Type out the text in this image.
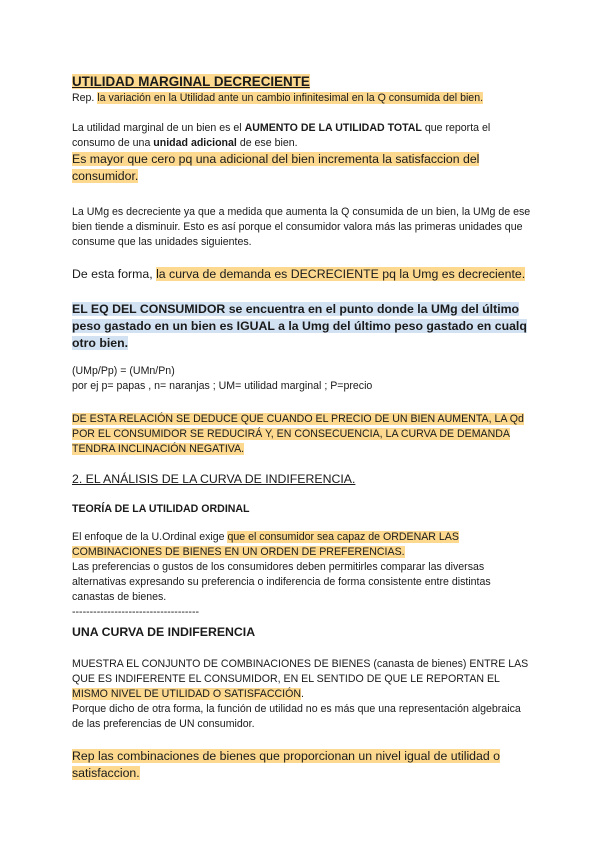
UTILIDAD MARGINAL DECRECIENTE

Rep. la variación en la Utilidad ante un cambio infinitesimal en la Q consumida del bien.

La utilidad marginal de un bien es el AUMENTO DE LA UTILIDAD TOTAL que reporta el consumo de una unidad adicional de ese bien.

Es mayor que cero pq una adicional del bien incrementa la satisfaccion del consumidor.

La UMg es decreciente ya que a medida que aumenta la Q consumida de un bien, la UMg de ese bien tiende a disminuir. Esto es así porque el consumidor valora más las primeras unidades que consume que las unidades siguientes.

De esta forma, la curva de demanda es DECRECIENTE pq la Umg es decreciente.

EL EQ DEL CONSUMIDOR se encuentra en el punto donde la UMg del último peso gastado en un bien es IGUAL a la Umg del último peso gastado en cualq otro bien.

(UMp/Pp) = (UMn/Pn)

por ej p= papas , n= naranjas ; UM= utilidad marginal ; P=precio

DE ESTA RELACIÓN SE DEDUCE QUE CUANDO EL PRECIO DE UN BIEN AUMENTA, LA Qd POR EL CONSUMIDOR SE REDUCIRÁ Y, EN CONSECUENCIA, LA CURVA DE DEMANDA TENDRA INCLINACIÓN NEGATIVA.

2. EL ANÁLISIS DE LA CURVA DE INDIFERENCIA.

TEORÍA DE LA UTILIDAD ORDINAL

El enfoque de la U.Ordinal exige que el consumidor sea capaz de ORDENAR LAS COMBINACIONES DE BIENES EN UN ORDEN DE PREFERENCIAS.

Las preferencias o gustos de los consumidores deben permitirles comparar las diversas alternativas expresando su preferencia o indiferencia de forma consistente entre distintas canastas de bienes.

------------------------------------

UNA CURVA DE INDIFERENCIA

MUESTRA EL CONJUNTO DE COMBINACIONES DE BIENES (canasta de bienes) ENTRE LAS QUE ES INDIFERENTE EL CONSUMIDOR, EN EL SENTIDO DE QUE LE REPORTAN EL MISMO NIVEL DE UTILIDAD O SATISFACCIÓN.

Porque dicho de otra forma, la función de utilidad no es más que una representación algebraica de las preferencias de UN consumidor.

Rep las combinaciones de bienes que proporcionan un nivel igual de utilidad o satisfaccion.
